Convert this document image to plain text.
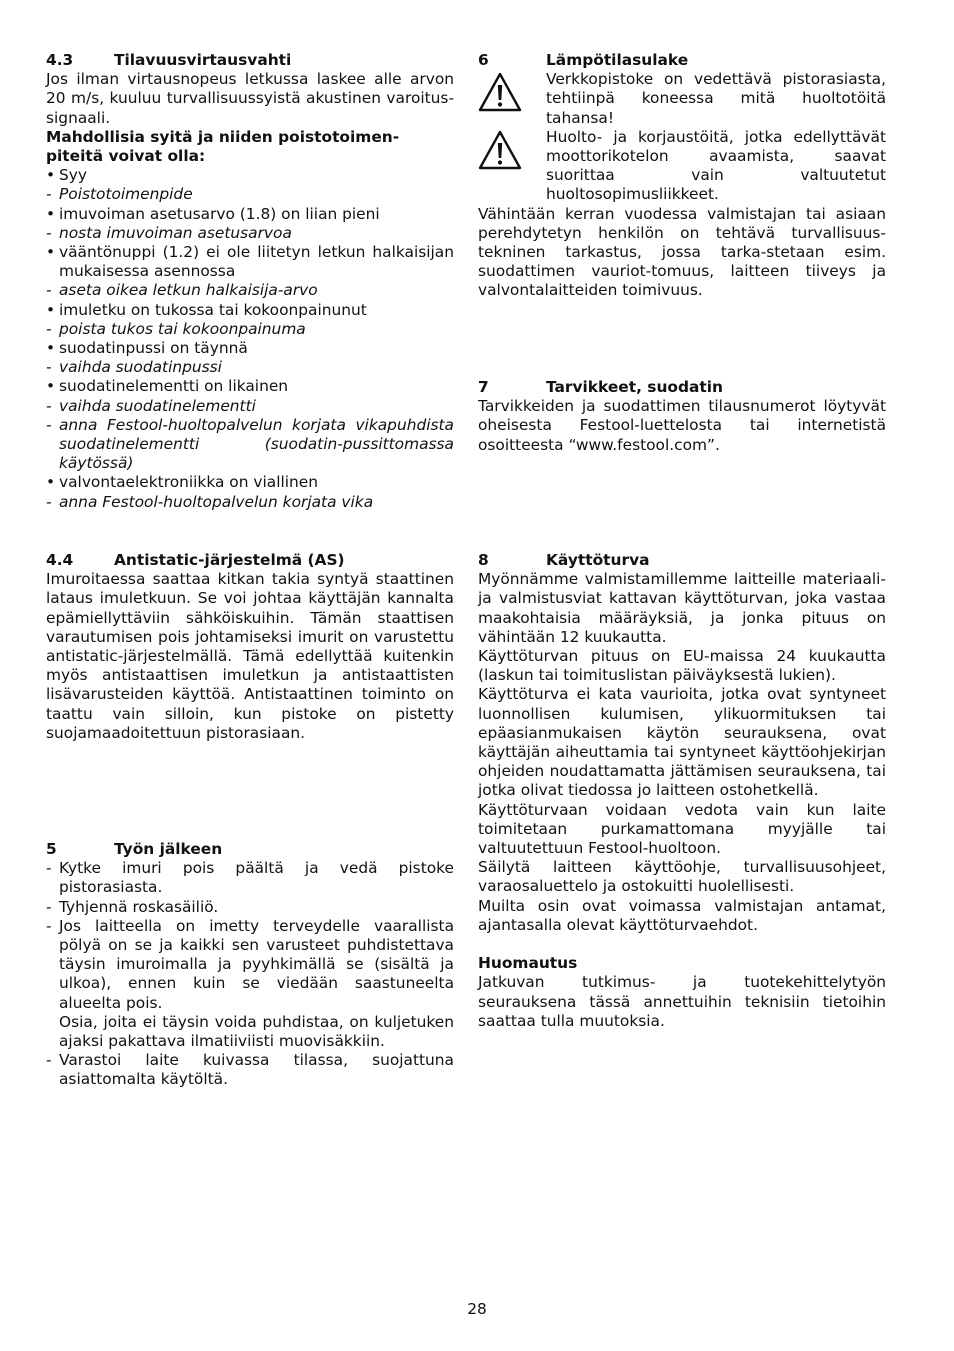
4.3	Tilavuusvirtausvahti
Jos ilman virtausnopeus letkussa laskee alle arvon 20 m/s, kuuluu turvallisuussyistä akustinen varoitus-signaali.
Mahdollisia syitä ja niiden poistotoimen-piteitä voivat olla:
• Syy
- Poistotoimenpide
• imuvoiman asetusarvo (1.8) on liian pieni
- nosta imuvoiman asetusarvoa
• vääntönuppi (1.2) ei ole liitetyn letkun halkaisijan mukaisessa asennossa
- aseta oikea letkun halkaisija-arvo
• imuletku on tukossa tai kokoonpainunut
- poista tukos tai kokoonpainuma
• suodatinpussi on täynnä
- vaihda suodatinpussi
• suodatinelementti on likainen
- vaihda suodatinelementti
- anna Festool-huoltopalvelun korjata vikapuhdista suodatinelementti (suodatin-pussittomassa käytössä)
• valvontaelektroniikka on viallinen
- anna Festool-huoltopalvelun korjata vika
4.4	Antistatic-järjestelmä (AS)
Imuroitaessa saattaa kitkan takia syntyä staattinen lataus imuletkuun. Se voi johtaa käyttäjän kannalta epämiellyttäviin sähköiskuihin. Tämän staattisen varautumisen pois johtamiseksi imurit on varustettu antistatic-järjestelmällä. Tämä edellyttää kuitenkin myös antistaattisen imuletkun ja antistaattisten lisävarusteiden käyttöä. Antistaattinen toiminto on taattu vain silloin, kun pistoke on pistetty suojamaadoitettuun pistorasiaan.
5	Työn jälkeen
- Kytke imuri pois päältä ja vedä pistoke pistorasiasta.
- Tyhjennä roskasäiliö.
- Jos laitteella on imetty terveydelle vaarallista pölyä on se ja kaikki sen varusteet puhdistettava täysin imuroimalla ja pyyhkimällä se (sisältä ja ulkoa), ennen kuin se viedään saastuneelta alueelta pois.
Osia, joita ei täysin voida puhdistaa, on kuljetuken ajaksi pakattava ilmatiiviisti muovisäkkiin.
- Varastoi laite kuivassa tilassa, suojattuna asiattomalta käytöltä.
6	Lämpötilasulake
Verkkopistoke on vedettävä pistorasiasta, tehtiinpä koneessa mitä huoltotöitä tahansa!
Huolto- ja korjaustöitä, jotka edellyttävät moottorikotelon avaamista, saavat suorittaa vain valtuutetut huoltosopimusliikkeet.
Vähintään kerran vuodessa valmistajan tai asiaan perehdytetyn henkilön on tehtävä turvallisuus-tekninen tarkastus, jossa tarka-stetaan esim. suodattimen vauriot-tomuus, laitteen tiiveys ja valvontalaitteiden toimivuus.
7	Tarvikkeet, suodatin
Tarvikkeiden ja suodattimen tilausnumerot löytyvät oheisesta Festool-luettelosta tai internetistä osoitteesta “www.festool.com”.
8	Käyttöturva
Myönnämme valmistamillemme laitteille materiaali- ja valmistusviat kattavan käyttöturvan, joka vastaa maakohtaisia määräyksiä, ja jonka pituus on vähintään 12 kuukautta.
Käyttöturvan pituus on EU-maissa 24 kuukautta (laskun tai toimituslistan päiväyksestä lukien).
Käyttöturva ei kata vaurioita, jotka ovat syntyneet luonnollisen kulumisen, ylikuormituksen tai epäasianmukaisen käytön seurauksena, ovat käyttäjän aiheuttamia tai syntyneet käyttöohjekirjan ohjeiden noudattamatta jättämisen seurauksena, tai jotka olivat tiedossa jo laitteen ostohetkellä.
Käyttöturvaan voidaan vedota vain kun laite toimitetaan purkamattomana myyjälle tai valtuutettuun Festool-huoltoon.
Säilytä laitteen käyttöohje, turvallisuusohjeet, varaosaluettelo ja ostokuitti huolellisesti.
Muilta osin ovat voimassa valmistajan antamat, ajantasalla olevat käyttöturvaehdot.
Huomautus
Jatkuvan tutkimus- ja tuotekehittelytyön seurauksena tässä annettuihin teknisiin tietoihin saattaa tulla muutoksia.
28
